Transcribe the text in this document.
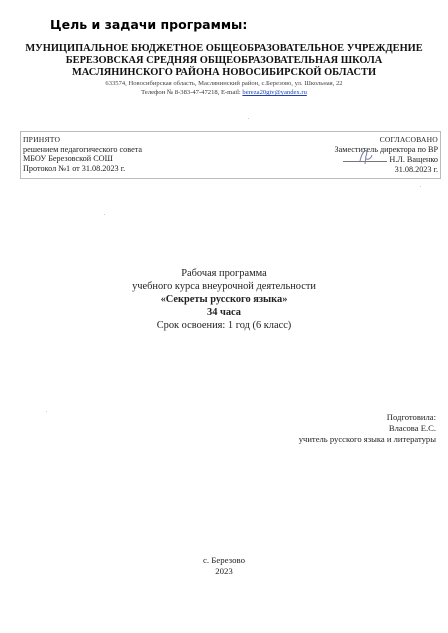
Цель и задачи программы:
МУНИЦИПАЛЬНОЕ БЮДЖЕТНОЕ ОБЩЕОБРАЗОВАТЕЛЬНОЕ УЧРЕЖДЕНИЕ
БЕРЕЗОВСКАЯ СРЕДНЯЯ ОБЩЕОБРАЗОВАТЕЛЬНАЯ ШКОЛА
МАСЛЯНИНСКОГО РАЙОНА НОВОСИБИРСКОЙ ОБЛАСТИ
633574, Новосибирская область, Маслянинский район, с.Березово, ул. Школьная, 22
Телефон № 8-383-47-47218, E-mail: bereza20gtv@yandex.ru
ПРИНЯТО
решением педагогического совета
МБОУ Березовской СОШ
Протокол №1 от 31.08.2023 г.
СОГЛАСОВАНО
Заместитель директора по ВР
Н.Л. Ващенко
31.08.2023 г.
Рабочая программа
учебного курса внеурочной деятельности
«Секреты русского языка»
34 часа
Срок освоения: 1 год (6 класс)
Подготовила:
Власова Е.С.
учитель русского языка и литературы
с. Березово
2023
